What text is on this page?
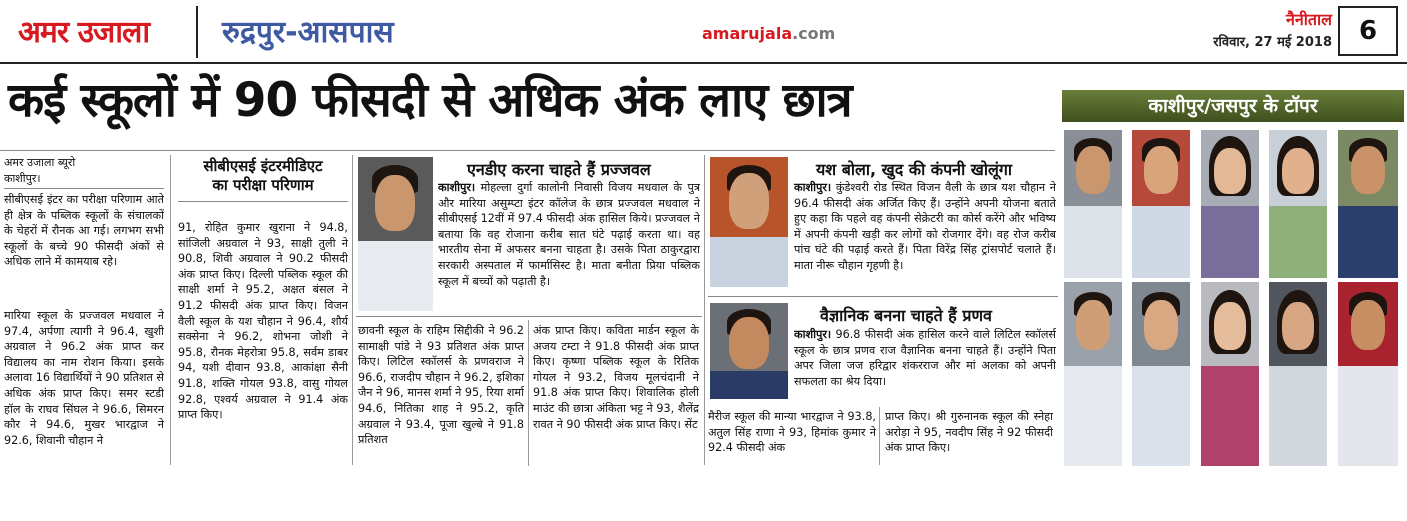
अमर उजाला रुद्रपुर-आसपास	amarujala.com
नैनीताल
रविवार, 27 मई 2018	6
कई स्कूलों में 90 फीसदी से अधिक अंक लाए छात्र	काशीपुर/जसपुर के टॉपर
अमर उजाला ब्यूरो
काशीपुर।
सीबीएसई इंटर का परीक्षा परिणाम आते ही क्षेत्र के पब्लिक स्कूलों के संचालकों के चेहरों में रौनक आ गई। लगभग सभी स्कूलों के बच्चे 90 फीसदी अंकों से अधिक लाने में कामयाब रहे।
मारिया स्कूल के प्रज्जवल मधवाल ने 97.4, अर्पणा त्यागी ने 96.4, खुशी अग्रवाल ने 96.2 अंक प्राप्त कर विद्यालय का नाम रोशन किया। इसके अलावा 16 विद्यार्थियों ने 90 प्रतिशत से अधिक अंक प्राप्त किए। समर स्टडी हॉल के राघव सिंघल ने 96.6, सिमरन कौर ने 94.6, मुखर भारद्वाज ने 92.6, शिवानी चौहान ने
सीबीएसई इंटरमीडिएट
का परीक्षा परिणाम
91, रोहित कुमार खुराना ने 94.8, सांजिली अग्रवाल ने 93, साक्षी तुली ने 90.8, शिवी अग्रवाल ने 90.2 फीसदी अंक प्राप्त किए। दिल्ली पब्लिक स्कूल की साक्षी शर्मा ने 95.2, अक्षत बंसल ने 91.2 फीसदी अंक प्राप्त किए। विजन वैली स्कूल के यश चौहान ने 96.4, शौर्य सक्सेना ने 96.2, शोभना जोशी ने 95.8, रौनक मेहरोत्रा 95.8, सर्वम डाबर 94, यशी दीवान 93.8, आकांक्षा सैनी 91.8, शक्ति गोयल 93.8, वासु गोयल 92.8, एश्वर्य अग्रवाल ने 91.4 अंक प्राप्त किए।
एनडीए करना चाहते हैं प्रज्जवल
काशीपुर। मोहल्ला दुर्गा कालोनी निवासी विजय मधवाल के पुत्र और मारिया असुम्प्टा इंटर कॉलेज के छात्र प्रज्जवल मधवाल ने सीबीएसई 12वीं में 97.4 फीसदी अंक हासिल किये। प्रज्जवल ने बताया कि वह रोजाना करीब सात घंटे पढ़ाई करता था। वह भारतीय सेना में अफसर बनना चाहता है। उसके पिता ठाकुरद्वारा सरकारी अस्पताल में फार्मासिस्ट है। माता बनीता प्रिया पब्लिक स्कूल में बच्चों को पढ़ाती है।
छावनी स्कूल के राहिम सिद्दीकी ने 96.2 सामाक्षी पांडे ने 93 प्रतिशत अंक प्राप्त किए। लिटिल स्कॉलर्स के प्रणवराज ने 96.6, राजदीप चौहान ने 96.2, इशिका जैन ने 96, मानस शर्मा ने 95, रिया शर्मा 94.6, नितिका शाह ने 95.2, कृति अग्रवाल ने 93.4, पूजा खुल्बे ने 91.8 प्रतिशत
अंक प्राप्त किए। कविता मार्डन स्कूल के अजय टम्टा ने 91.8 फीसदी अंक प्राप्त किए। कृष्णा पब्लिक स्कूल के रितिक गोयल ने 93.2, विजय मूलचंदानी ने 91.8 अंक प्राप्त किए। शिवालिक होली माउंट की छात्रा अंकिता भट्ट ने 93, शैलेंद्र रावत ने 90 फीसदी अंक प्राप्त किए। सेंट
यश बोला, खुद की कंपनी खोलूंगा
काशीपुर। कुंडेश्वरी रोड स्थित विजन वैली के छात्र यश चौहान ने 96.4 फीसदी अंक अर्जित किए हैं। उन्होंने अपनी योजना बताते हुए कहा कि पहले वह कंपनी सेक्रेटरी का कोर्स करेंगे और भविष्य में अपनी कंपनी खड़ी कर लोगों को रोजगार देंगे। वह रोज करीब पांच घंटे की पढ़ाई करते हैं। पिता विरेंद्र सिंह ट्रांसपोर्ट चलाते हैं। माता नीरू चौहान गृहणी है।
वैज्ञानिक बनना चाहते हैं प्रणव
काशीपुर। 96.8 फीसदी अंक हासिल करने वाले लिटिल स्कॉलर्स स्कूल के छात्र प्रणव राज वैज्ञानिक बनना चाहते हैं। उन्होंने पिता अपर जिला जज हरिद्वार शंकरराज और मां अलका को अपनी सफलता का श्रेय दिया।
मैरीज स्कूल की मान्या भारद्वाज ने 93.8, अतुल सिंह राणा ने 93, हिमांक कुमार ने 92.4 फीसदी अंक
प्राप्त किए। श्री गुरुनानक स्कूल की स्नेहा अरोड़ा ने 95, नवदीप सिंह ने 92 फीसदी अंक प्राप्त किए।
